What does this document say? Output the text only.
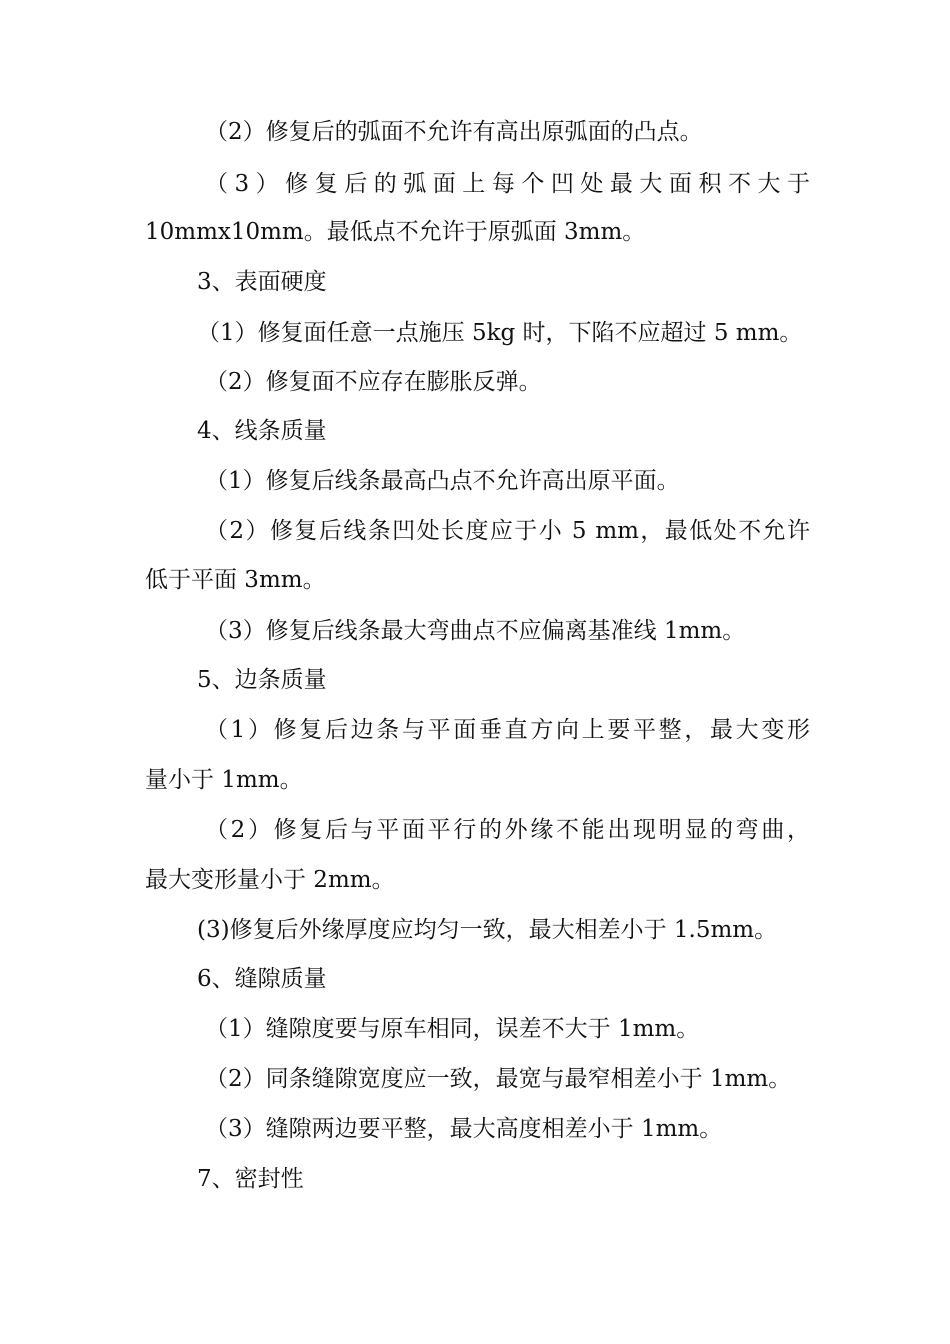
（2）修复后的弧面不允许有高出原弧面的凸点。
（3）修复后的弧面上每个凹处最大面积不大于
10mmx10mm。最低点不允许于原弧面 3mm。
3、表面硬度
（1）修复面任意一点施压 5kg 时，下陷不应超过 5 mm。
（2）修复面不应存在膨胀反弹。
4、线条质量
（1）修复后线条最高凸点不允许高出原平面。
（2）修复后线条凹处长度应于小 5 mm，最低处不允许
低于平面 3mm。
（3）修复后线条最大弯曲点不应偏离基准线 1mm。
5、边条质量
（1）修复后边条与平面垂直方向上要平整，最大变形
量小于 1mm。
（2）修复后与平面平行的外缘不能出现明显的弯曲，
最大变形量小于 2mm。
(3)修复后外缘厚度应均匀一致，最大相差小于 1.5mm。
6、缝隙质量
（1）缝隙度要与原车相同，误差不大于 1mm。
（2）同条缝隙宽度应一致，最宽与最窄相差小于 1mm。
（3）缝隙两边要平整，最大高度相差小于 1mm。
7、密封性
